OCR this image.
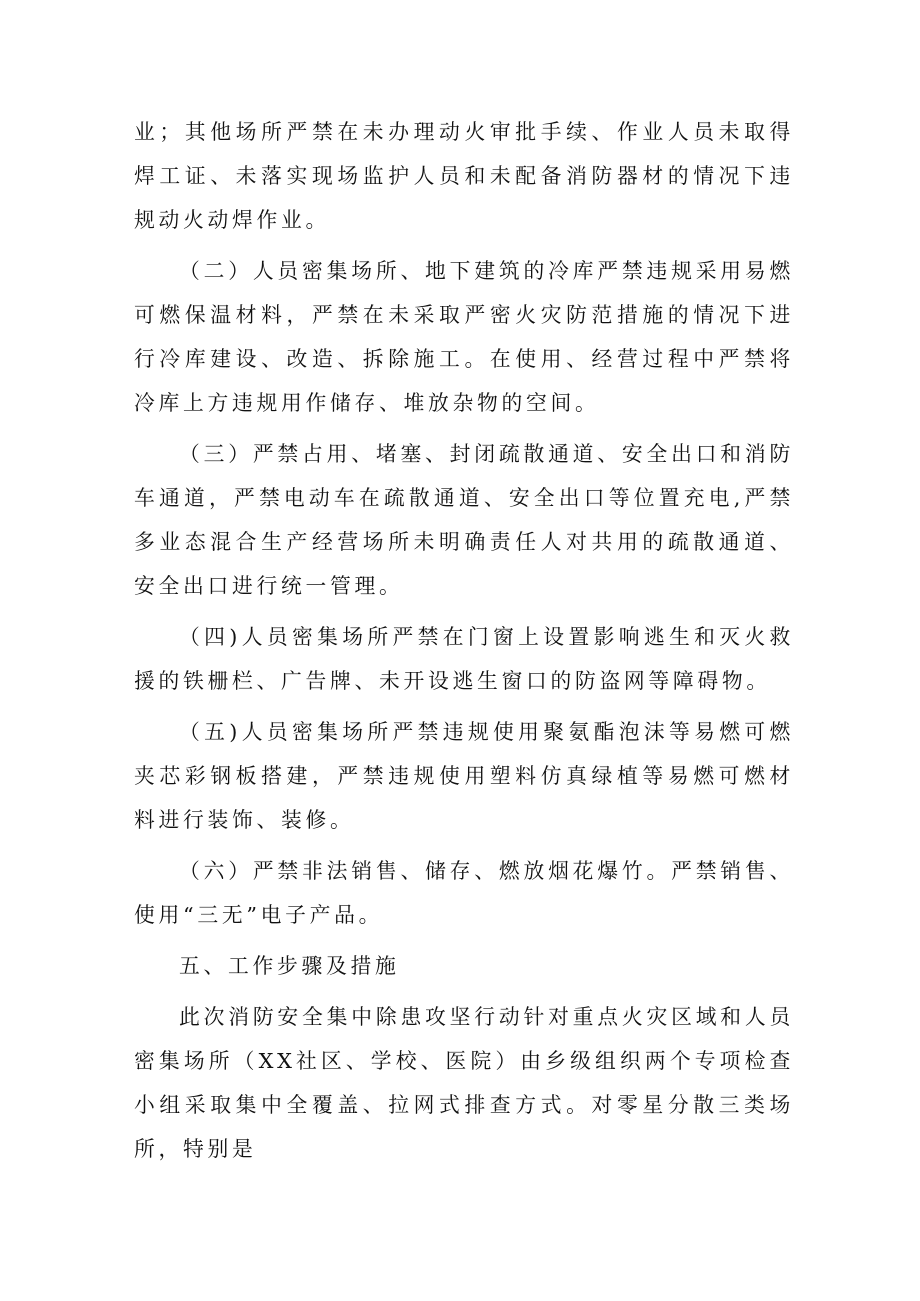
业；其他场所严禁在未办理动火审批手续、作业人员未取得焊工证、未落实现场监护人员和未配备消防器材的情况下违规动火动焊作业。

（二）人员密集场所、地下建筑的冷库严禁违规采用易燃可燃保温材料，严禁在未采取严密火灾防范措施的情况下进行冷库建设、改造、拆除施工。在使用、经营过程中严禁将冷库上方违规用作储存、堆放杂物的空间。

（三）严禁占用、堵塞、封闭疏散通道、安全出口和消防车通道，严禁电动车在疏散通道、安全出口等位置充电,严禁多业态混合生产经营场所未明确责任人对共用的疏散通道、安全出口进行统一管理。

（四)人员密集场所严禁在门窗上设置影响逃生和灭火救援的铁栅栏、广告牌、未开设逃生窗口的防盗网等障碍物。

（五)人员密集场所严禁违规使用聚氨酯泡沫等易燃可燃夹芯彩钢板搭建，严禁违规使用塑料仿真绿植等易燃可燃材料进行装饰、装修。

（六）严禁非法销售、储存、燃放烟花爆竹。严禁销售、使用“三无”电子产品。

五、工作步骤及措施

此次消防安全集中除患攻坚行动针对重点火灾区域和人员密集场所（XX社区、学校、医院）由乡级组织两个专项检查小组采取集中全覆盖、拉网式排查方式。对零星分散三类场所，特别是
